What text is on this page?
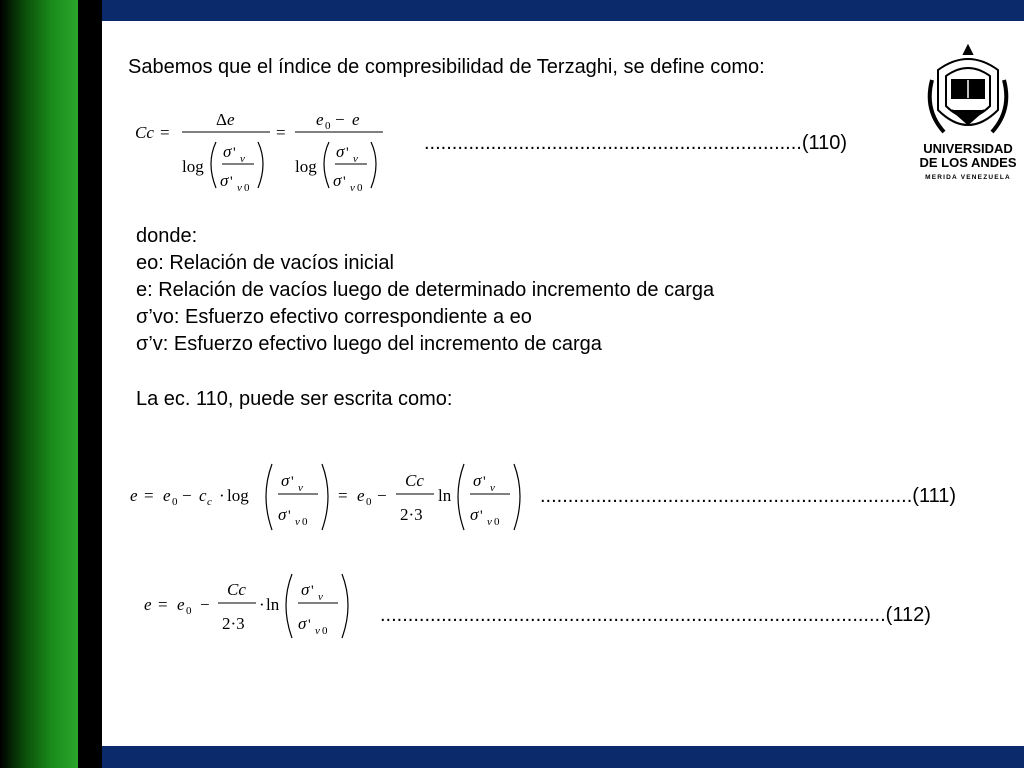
UNIVERSIDAD
DE LOS ANDES
MERIDA VENEZUELA
Sabemos que el índice de compresibilidad de Terzaghi, se define como:
Cc =
Δe
log
σ ' v
σ ' v 0
=
e 0 − e
log
σ ' v
σ ' v 0
....................................................................(110)
donde:
eo: Relación de vacíos inicial
e: Relación de vacíos luego de determinado incremento de carga
σ’vo: Esfuerzo efectivo correspondiente a eo
σ’v: Esfuerzo efectivo luego del incremento de carga
La ec. 110, puede ser escrita como:
e = e 0 − c c · log
σ ' v
σ ' v 0
= e 0 −
Cc
2·3
ln
σ ' v
σ ' v 0
...................................................................(111)
e = e 0 −
Cc
2·3
· ln
σ ' v
σ ' v 0
...........................................................................................(112)
